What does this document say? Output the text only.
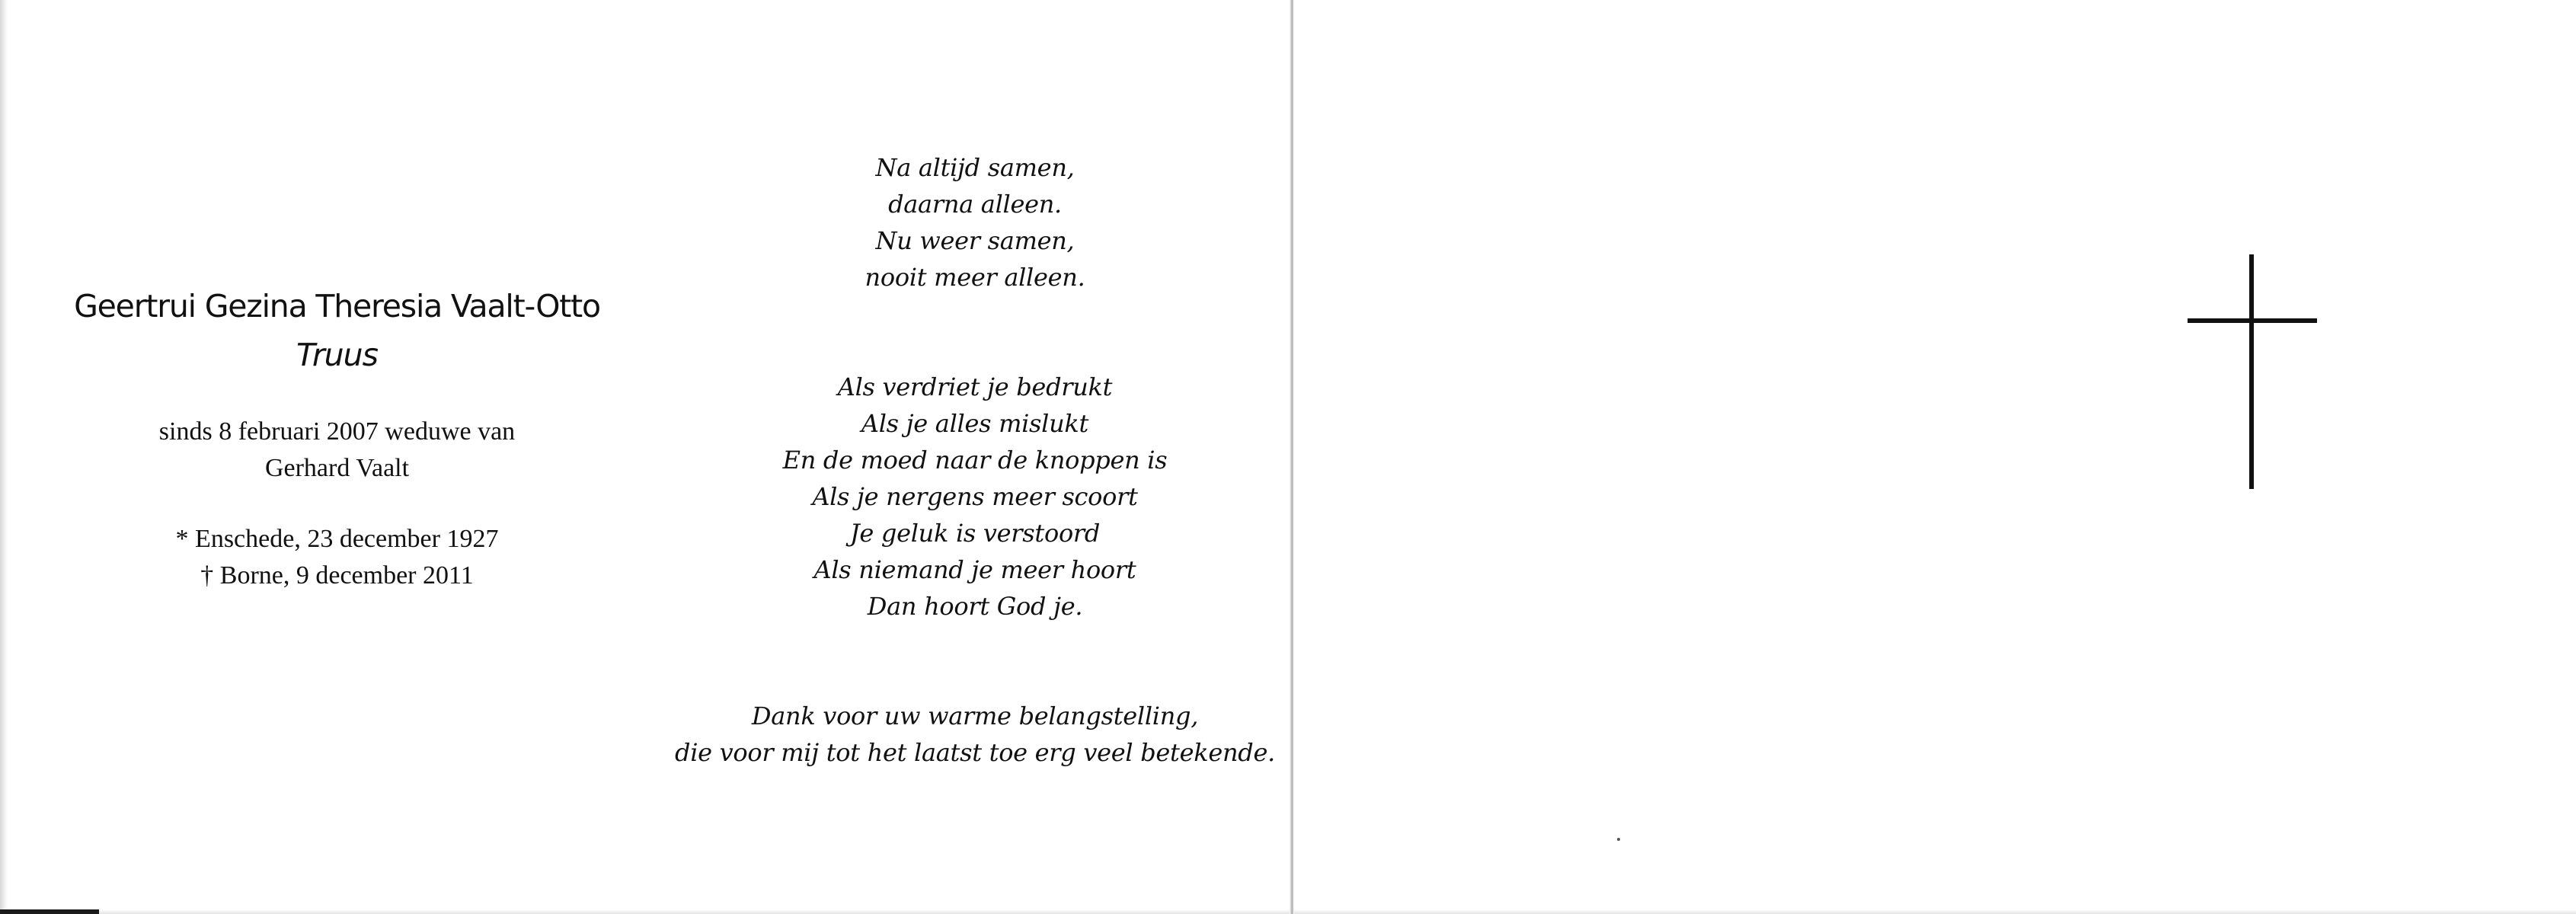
Geertrui Gezina Theresia Vaalt-Otto
Truus
sinds 8 februari 2007 weduwe van
Gerhard Vaalt
* Enschede, 23 december 1927
† Borne, 9 december 2011
Na altijd samen,
daarna alleen.
Nu weer samen,
nooit meer alleen.
Als verdriet je bedrukt
Als je alles mislukt
En de moed naar de knoppen is
Als je nergens meer scoort
Je geluk is verstoord
Als niemand je meer hoort
Dan hoort God je.
Dank voor uw warme belangstelling,
die voor mij tot het laatst toe erg veel betekende.
